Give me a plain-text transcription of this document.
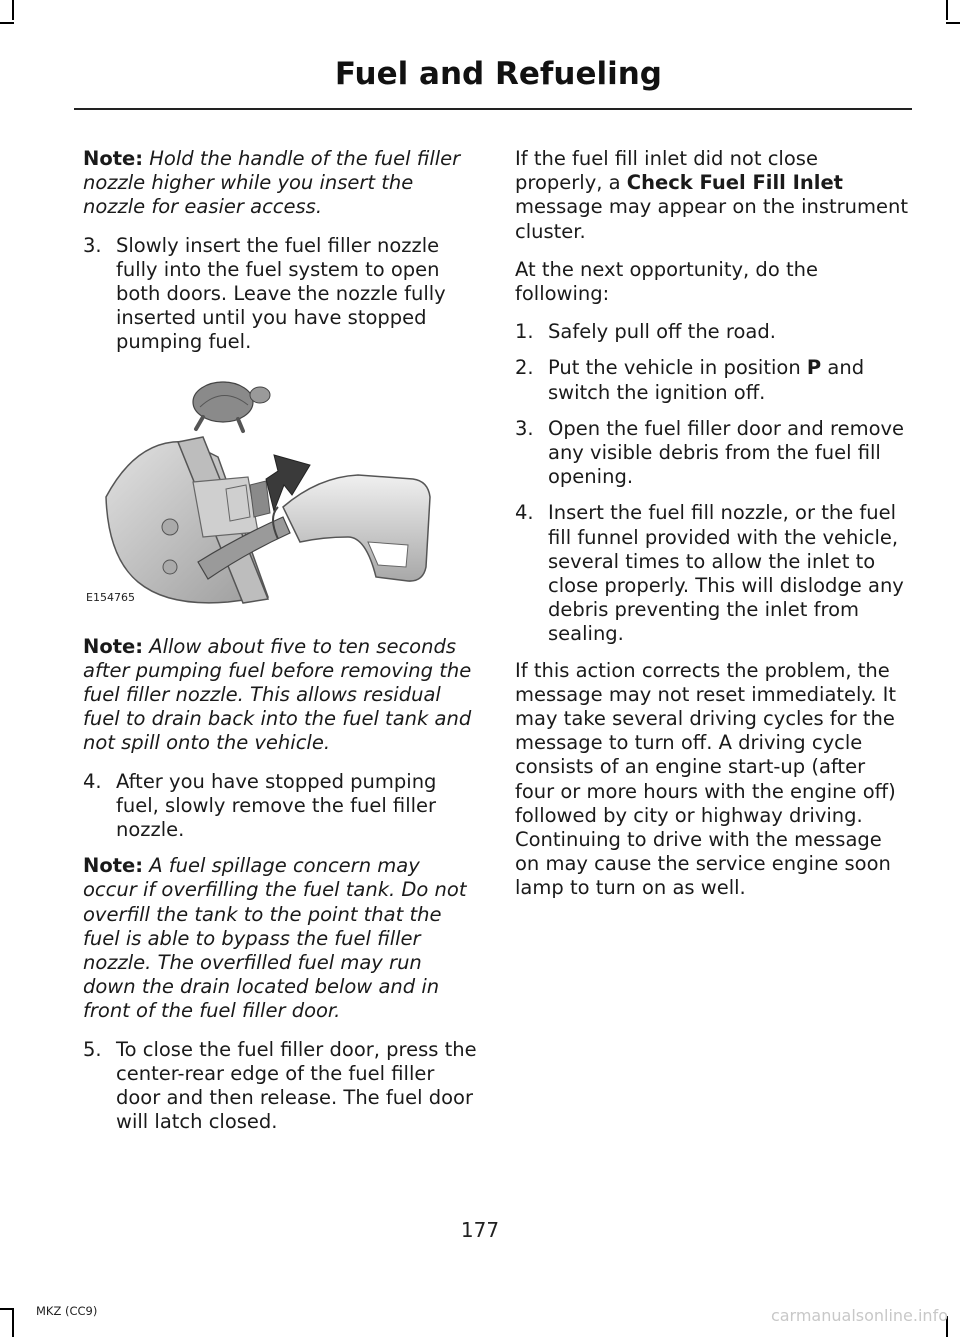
Fuel and Refueling

Note: Hold the handle of the fuel filler nozzle higher while you insert the nozzle for easier access.

3. Slowly insert the fuel filler nozzle fully into the fuel system to open both doors. Leave the nozzle fully inserted until you have stopped pumping fuel.
E154765

Note: Allow about five to ten seconds after pumping fuel before removing the fuel filler nozzle. This allows residual fuel to drain back into the fuel tank and not spill onto the vehicle.

4. After you have stopped pumping fuel, slowly remove the fuel filler nozzle.

Note: A fuel spillage concern may occur if overfilling the fuel tank. Do not overfill the tank to the point that the fuel is able to bypass the fuel filler nozzle. The overfilled fuel may run down the drain located below and in front of the fuel filler door.

5. To close the fuel filler door, press the center-rear edge of the fuel filler door and then release. The fuel door will latch closed.

If the fuel fill inlet did not close properly, a Check Fuel Fill Inlet message may appear on the instrument cluster.

At the next opportunity, do the following:

1. Safely pull off the road.
2. Put the vehicle in position P and switch the ignition off.
3. Open the fuel filler door and remove any visible debris from the fuel fill opening.
4. Insert the fuel fill nozzle, or the fuel fill funnel provided with the vehicle, several times to allow the inlet to close properly. This will dislodge any debris preventing the inlet from sealing.

If this action corrects the problem, the message may not reset immediately. It may take several driving cycles for the message to turn off. A driving cycle consists of an engine start-up (after four or more hours with the engine off) followed by city or highway driving. Continuing to drive with the message on may cause the service engine soon lamp to turn on as well.

177
MKZ (CC9)	carmanualsonline.info
